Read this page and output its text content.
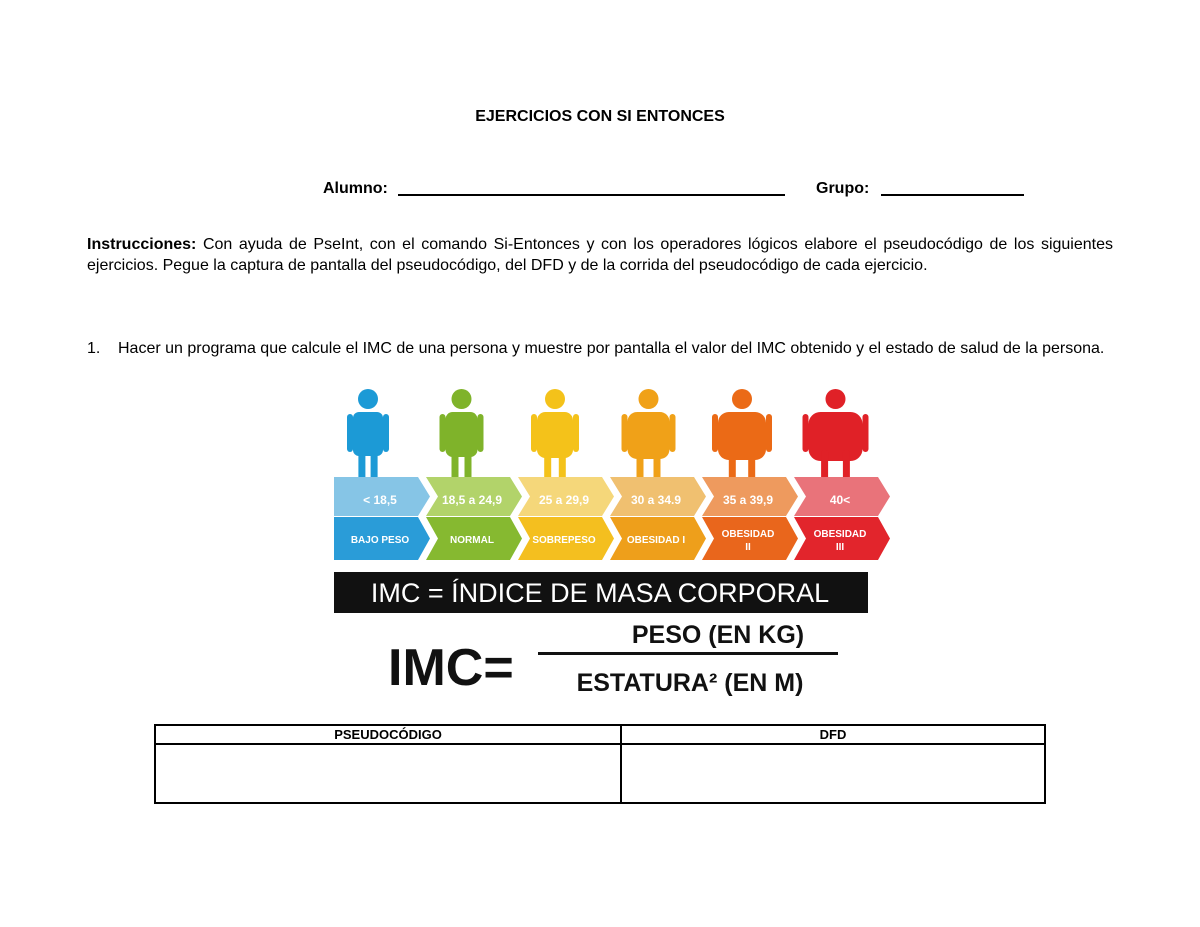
EJERCICIOS CON SI ENTONCES
Alumno:	Grupo:
Instrucciones: Con ayuda de PseInt, con el comando Si-Entonces y con los operadores lógicos elabore el pseudocódigo de los siguientes ejercicios. Pegue la captura de pantalla del pseudocódigo, del DFD y de la corrida del pseudocódigo de cada ejercicio.
1. Hacer un programa que calcule el IMC de una persona y muestre por pantalla el valor del IMC obtenido y el estado de salud de la persona.
< 18,5
BAJO PESO
18,5 a 24,9
NORMAL
25 a 29,9
SOBREPESO
30 a 34.9
OBESIDAD I
35 a 39,9
OBESIDAD
II
40<
OBESIDAD
III
IMC = ÍNDICE DE MASA CORPORAL
IMC=
PESO (EN KG)
ESTATURA² (EN M)
PSEUDOCÓDIGO	DFD
